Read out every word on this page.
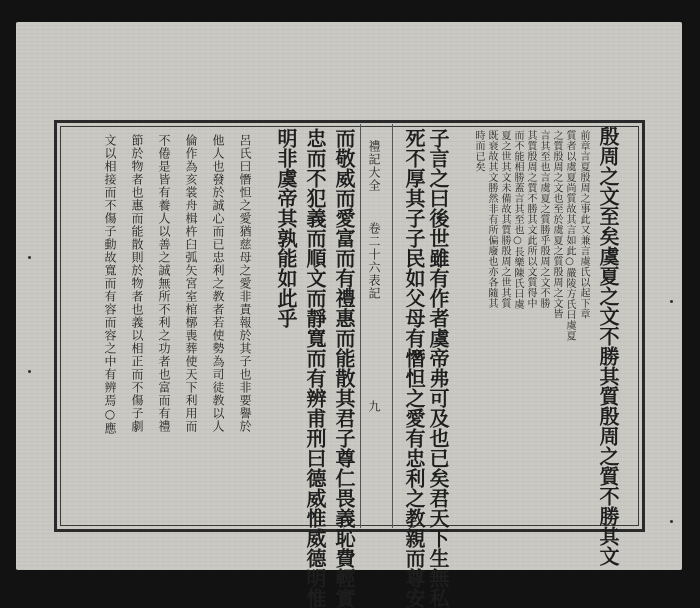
殷周之文至矣虞夏之文不勝其質殷周之質不勝其文
前章言夏殷周之事此又兼言虞氏以起下章
質者以虞夏尚質故其言如此○嚴陵方氏曰虞夏
之質殷周之文也至於虞夏之質殷周之文皆
言其至也言虞夏之質勝乎殷周之文不勝
其質殷周之質不勝其文此所以文質得中
而不能相勝蓋言其至也○長樂陳氏曰虞
夏之世其文未備故其質勝殷周之世其質
既衰故其文勝然非有所偏廢也亦各隨其
時而已矣
子言之曰後世雖有作者虞帝弗可及也已矣君天下生無私
死不厚其子子民如父母有憯怛之愛有忠利之教親而尊安
禮記大全
卷二十六表記
九
而敬威而愛富而有禮惠而能散其君子尊仁畏義恥費輕實
忠而不犯義而順文而靜寬而有辨甫刑曰德威惟威德明惟
明非虞帝其孰能如此乎
呂氏曰憯怛之愛猶慈母之愛非責報於其子也非要譽於
他人也發於誠心而已忠利之教者若使勢為司徒教以人
倫作為亥裳舟楫杵臼弧矢宮室棺槨喪葬使天下利用而
不倦是皆有養人以善之誠無所不利之功者也富而有禮
節於物者也惠而能散則於物者也義以相正而不傷子劇
文以相接而不傷子動故寬而有容而容之中有辨焉○應
